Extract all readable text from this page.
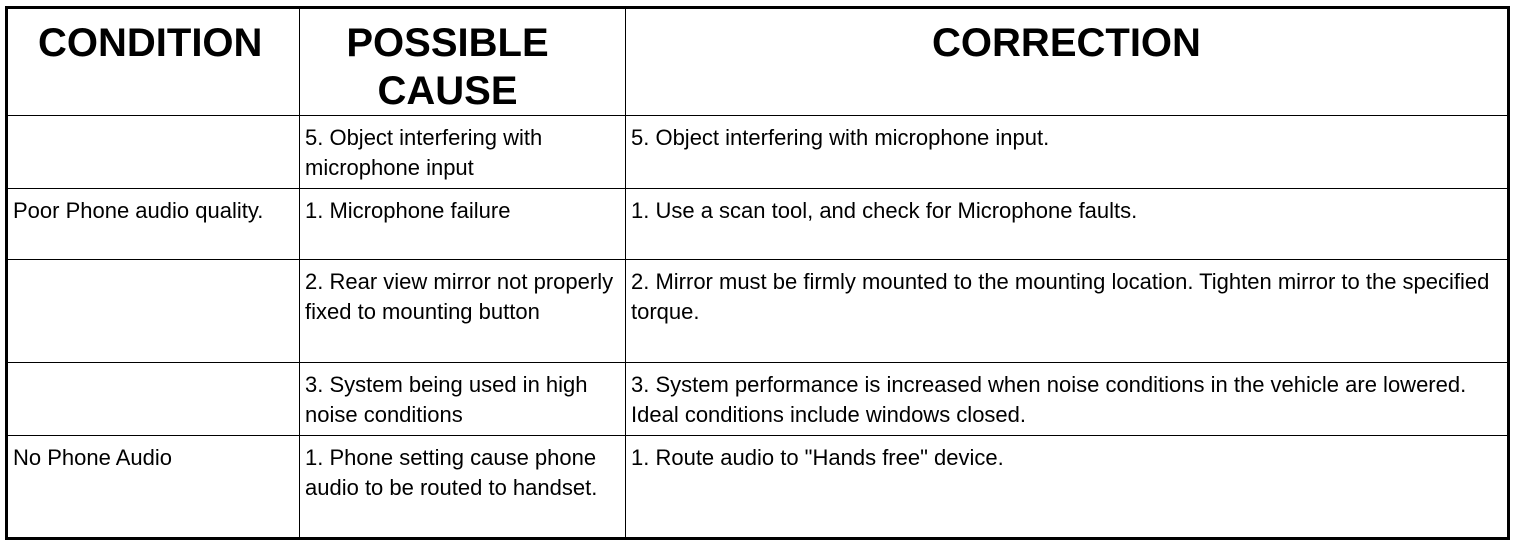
CONDITION	POSSIBLE CAUSE	CORRECTION

	5. Object interfering with microphone input	5. Object interfering with microphone input.

Poor Phone audio quality.	1. Microphone failure	1. Use a scan tool, and check for Microphone faults.

	2. Rear view mirror not properly fixed to mounting button	2. Mirror must be firmly mounted to the mounting location. Tighten mirror to the specified torque.

	3. System being used in high noise conditions	3. System performance is increased when noise conditions in the vehicle are lowered. Ideal conditions include windows closed.

No Phone Audio	1. Phone setting cause phone audio to be routed to handset.	1. Route audio to "Hands free" device.
